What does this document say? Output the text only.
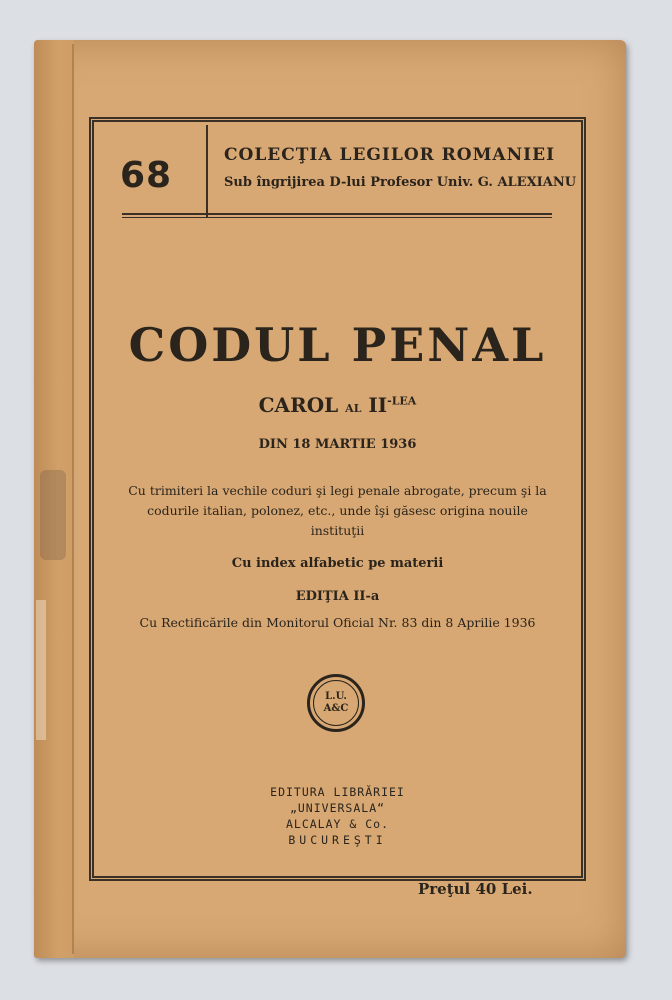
68	COLECŢIA LEGILOR ROMANIEI
Sub îngrijirea D-lui Profesor Univ. G. ALEXIANU
CODUL PENAL
CAROL AL $II^{-LEA}$
DIN 18 MARTIE 1936
Cu trimiteri la vechile coduri şi legi penale abrogate, precum şi la codurile italian, polonez, etc., unde îşi găsesc origina nouile instituţii
Cu index alfabetic pe materii
EDIŢIA II-a
Cu Rectificările din Monitorul Oficial Nr. 83 din 8 Aprilie 1936
L.U.
A&C
EDITURA LIBRĂRIEI
„UNIVERSALA“
ALCALAY & Co.
BUCUREŞTI
Preţul 40 Lei.
